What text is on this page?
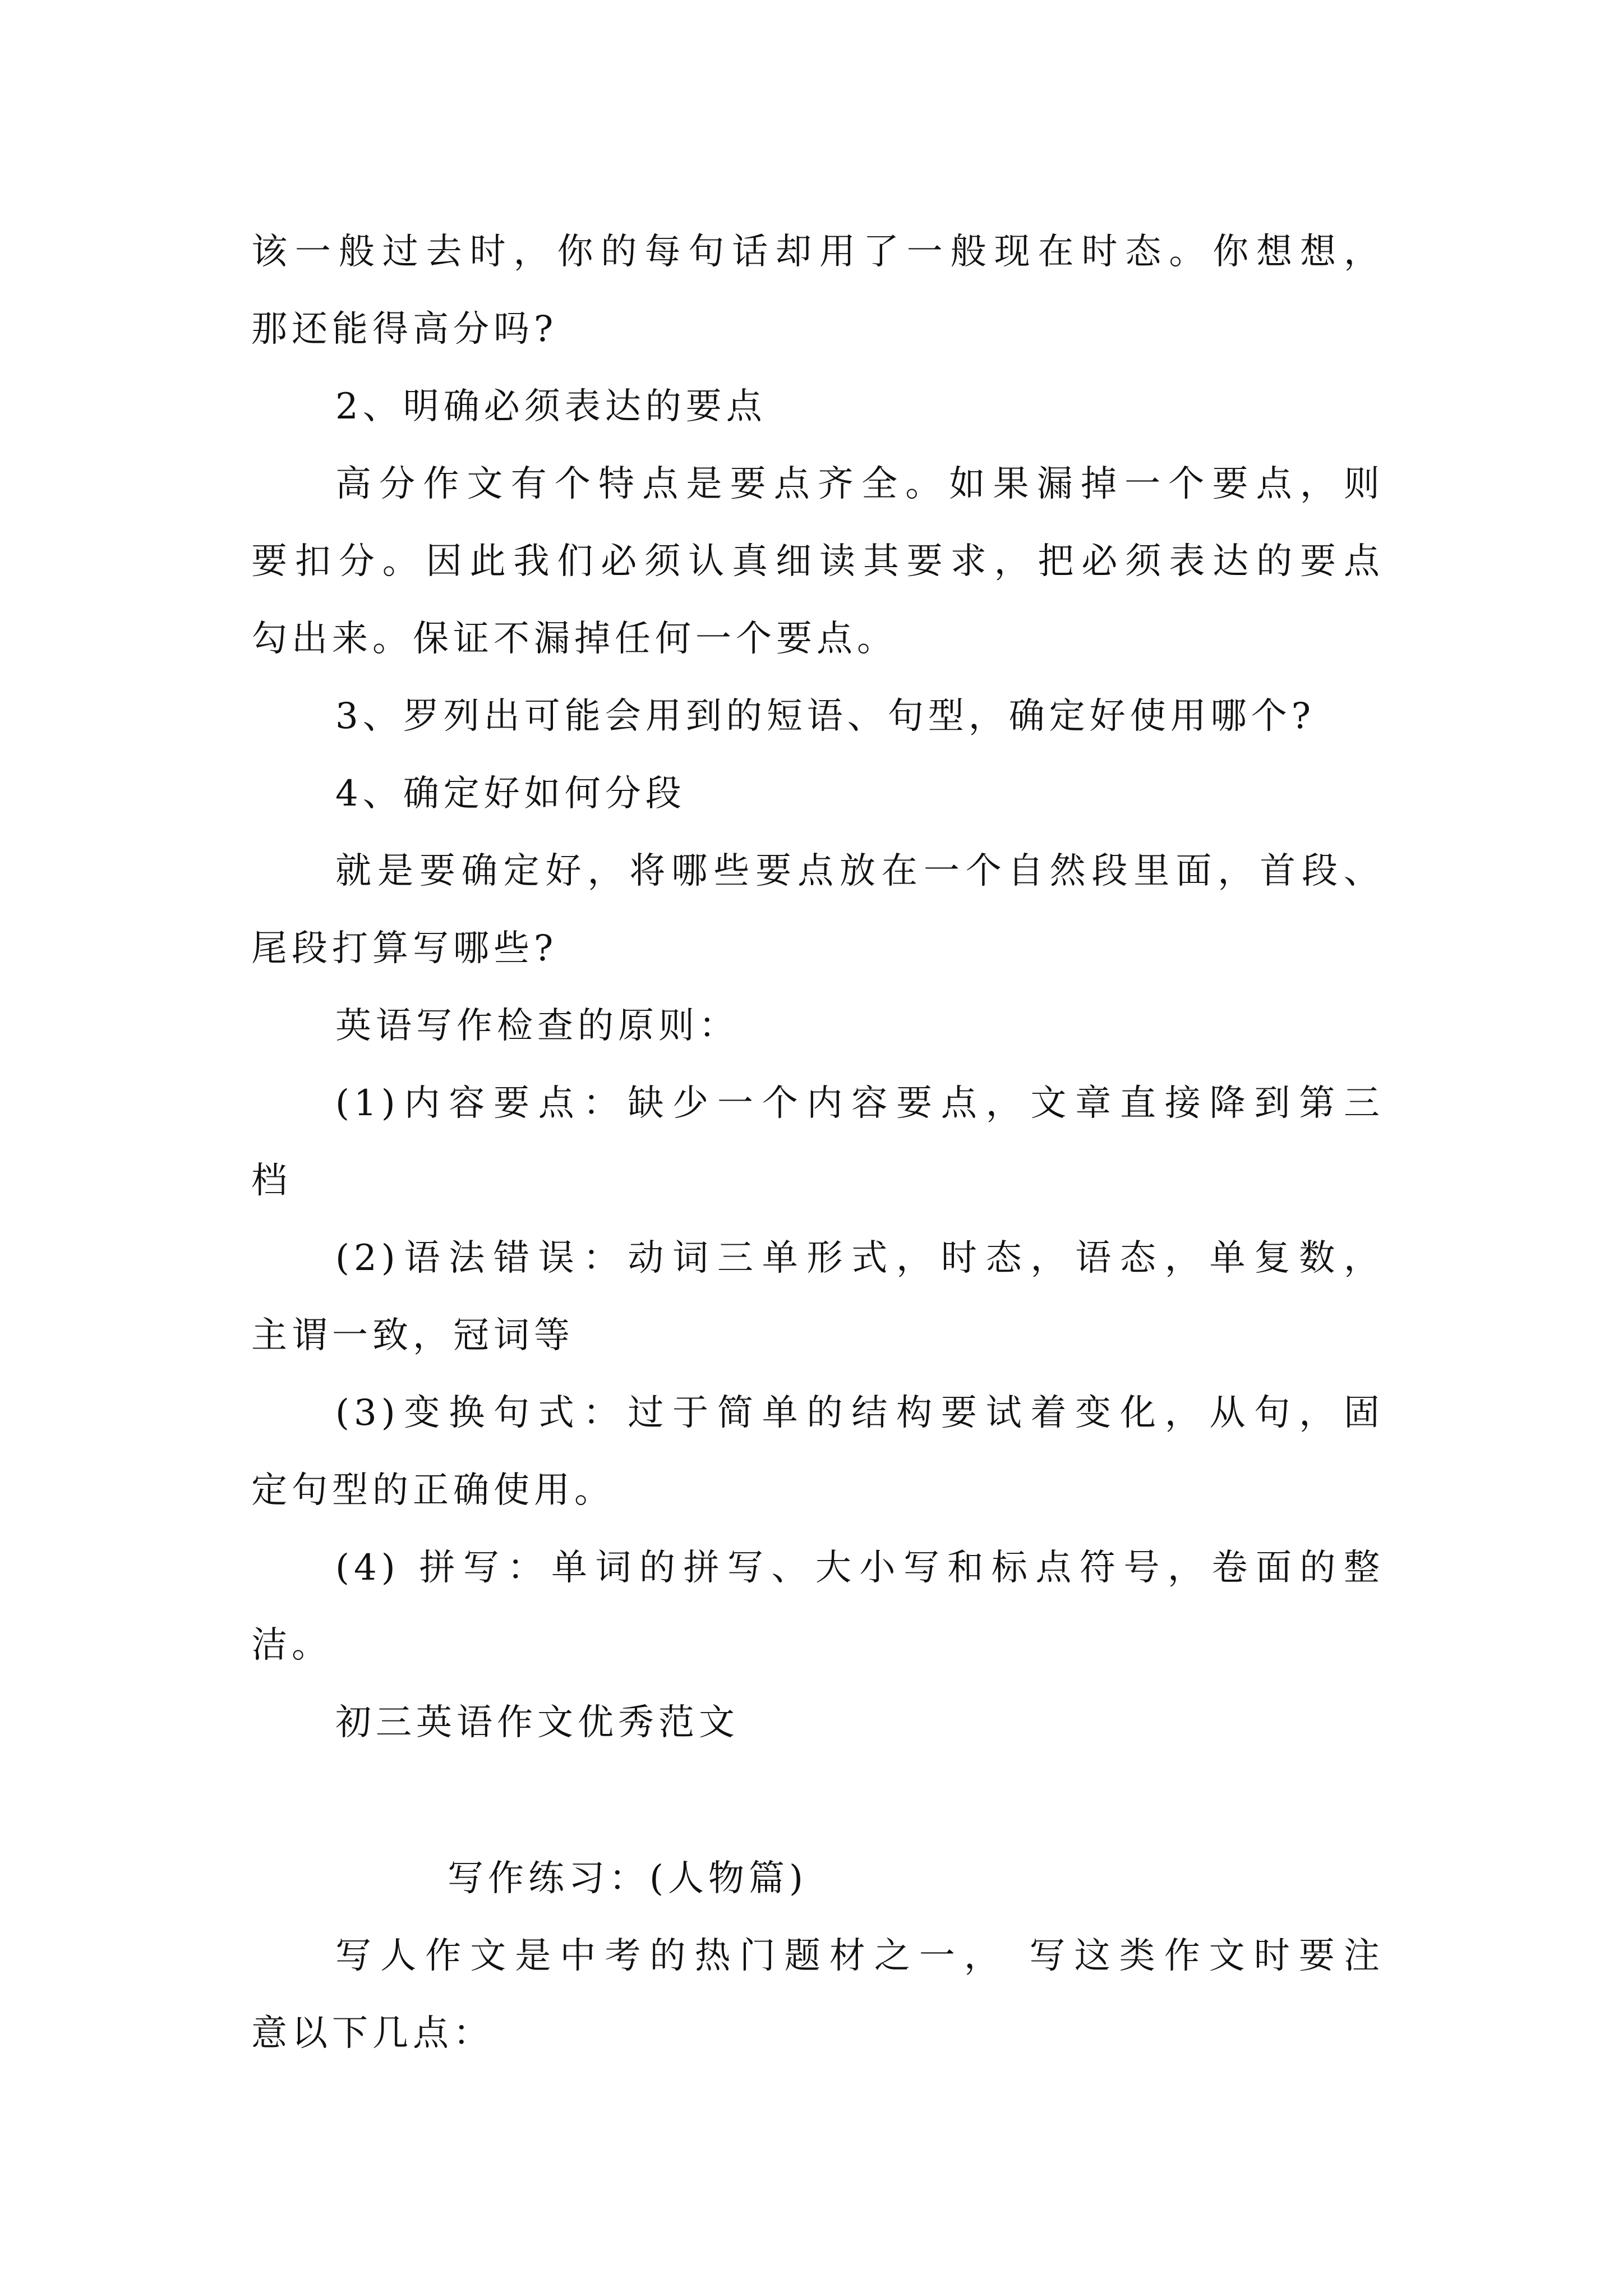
该一般过去时，你的每句话却用了一般现在时态。你想想，
那还能得高分吗?
2、明确必须表达的要点
高分作文有个特点是要点齐全。如果漏掉一个要点，则
要扣分。因此我们必须认真细读其要求，把必须表达的要点
勾出来。保证不漏掉任何一个要点。
3、罗列出可能会用到的短语、句型，确定好使用哪个?
4、确定好如何分段
就是要确定好，将哪些要点放在一个自然段里面，首段、
尾段打算写哪些?
英语写作检查的原则：
(1)内容要点：缺少一个内容要点，文章直接降到第三
档
(2)语法错误：动词三单形式，时态，语态，单复数，
主谓一致，冠词等
(3)变换句式：过于简单的结构要试着变化，从句，固
定句型的正确使用。
(4) 拼写：单词的拼写、大小写和标点符号，卷面的整
洁。
初三英语作文优秀范文
写作练习：(人物篇)
写人作文是中考的热门题材之一， 写这类作文时要注
意以下几点：
